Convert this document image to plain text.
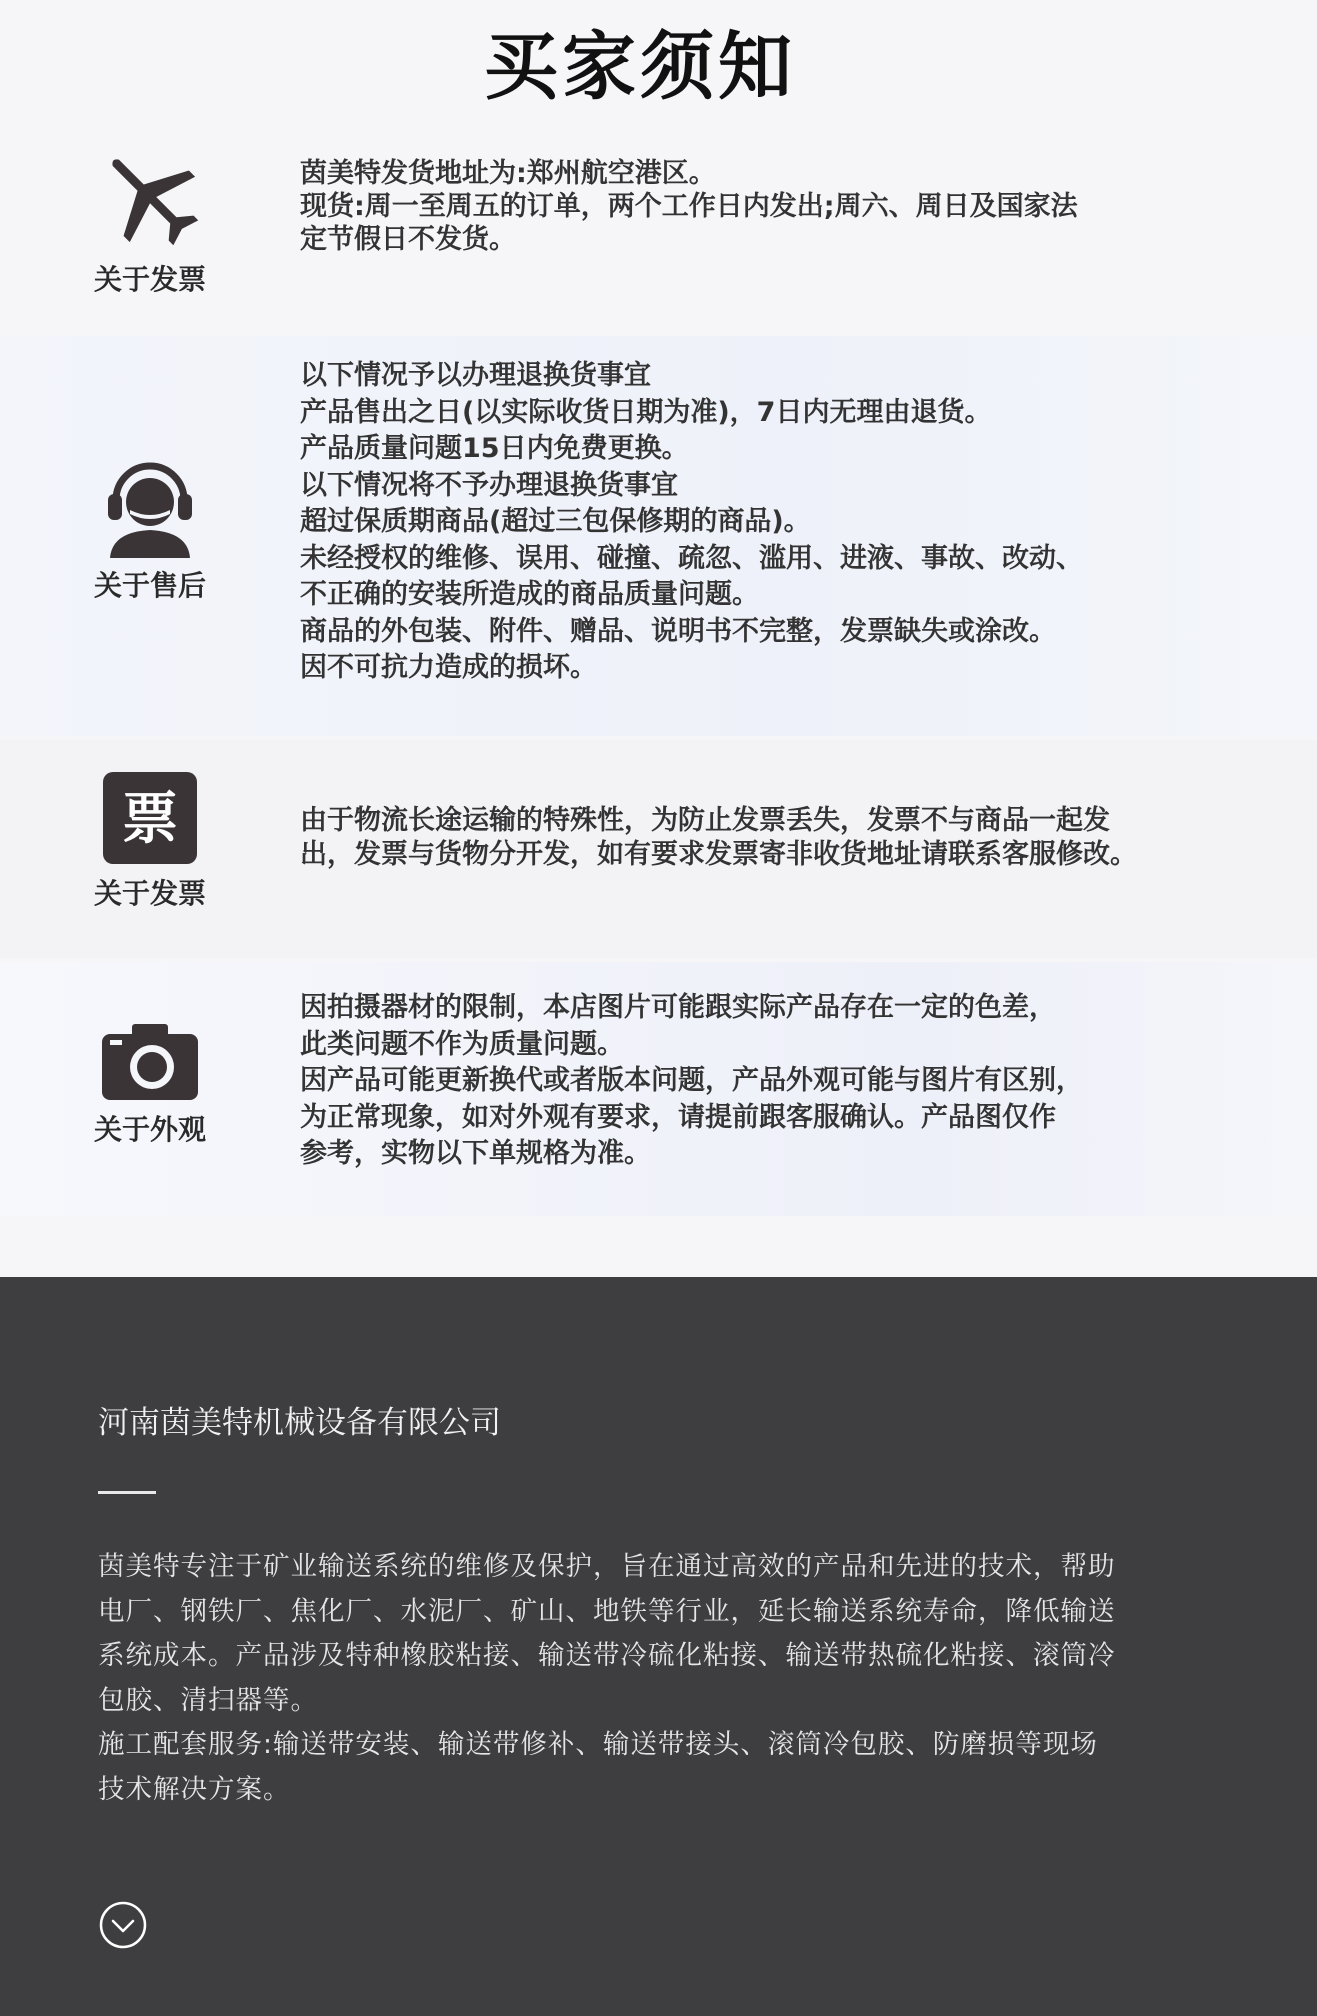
买家须知
关于发票
茵美特发货地址为:郑州航空港区。
现货:周一至周五的订单，两个工作日内发出;周六、周日及国家法
定节假日不发货。
关于售后
以下情况予以办理退换货事宜
产品售出之日(以实际收货日期为准)，7日内无理由退货。
产品质量问题15日内免费更换。
以下情况将不予办理退换货事宜
超过保质期商品(超过三包保修期的商品)。
未经授权的维修、误用、碰撞、疏忽、滥用、进液、事故、改动、
不正确的安装所造成的商品质量问题。
商品的外包装、附件、赠品、说明书不完整，发票缺失或涂改。
因不可抗力造成的损坏。
票
关于发票
由于物流长途运输的特殊性，为防止发票丢失，发票不与商品一起发
出，发票与货物分开发，如有要求发票寄非收货地址请联系客服修改。
关于外观
因拍摄器材的限制，本店图片可能跟实际产品存在一定的色差，
此类问题不作为质量问题。
因产品可能更新换代或者版本问题，产品外观可能与图片有区别，
为正常现象，如对外观有要求，请提前跟客服确认。产品图仅作
参考，实物以下单规格为准。
河南茵美特机械设备有限公司
茵美特专注于矿业输送系统的维修及保护，旨在通过高效的产品和先进的技术，帮助
电厂、钢铁厂、焦化厂、水泥厂、矿山、地铁等行业，延长输送系统寿命，降低输送
系统成本。产品涉及特种橡胶粘接、输送带冷硫化粘接、输送带热硫化粘接、滚筒冷
包胶、清扫器等。
施工配套服务:输送带安装、输送带修补、输送带接头、滚筒冷包胶、防磨损等现场
技术解决方案。
